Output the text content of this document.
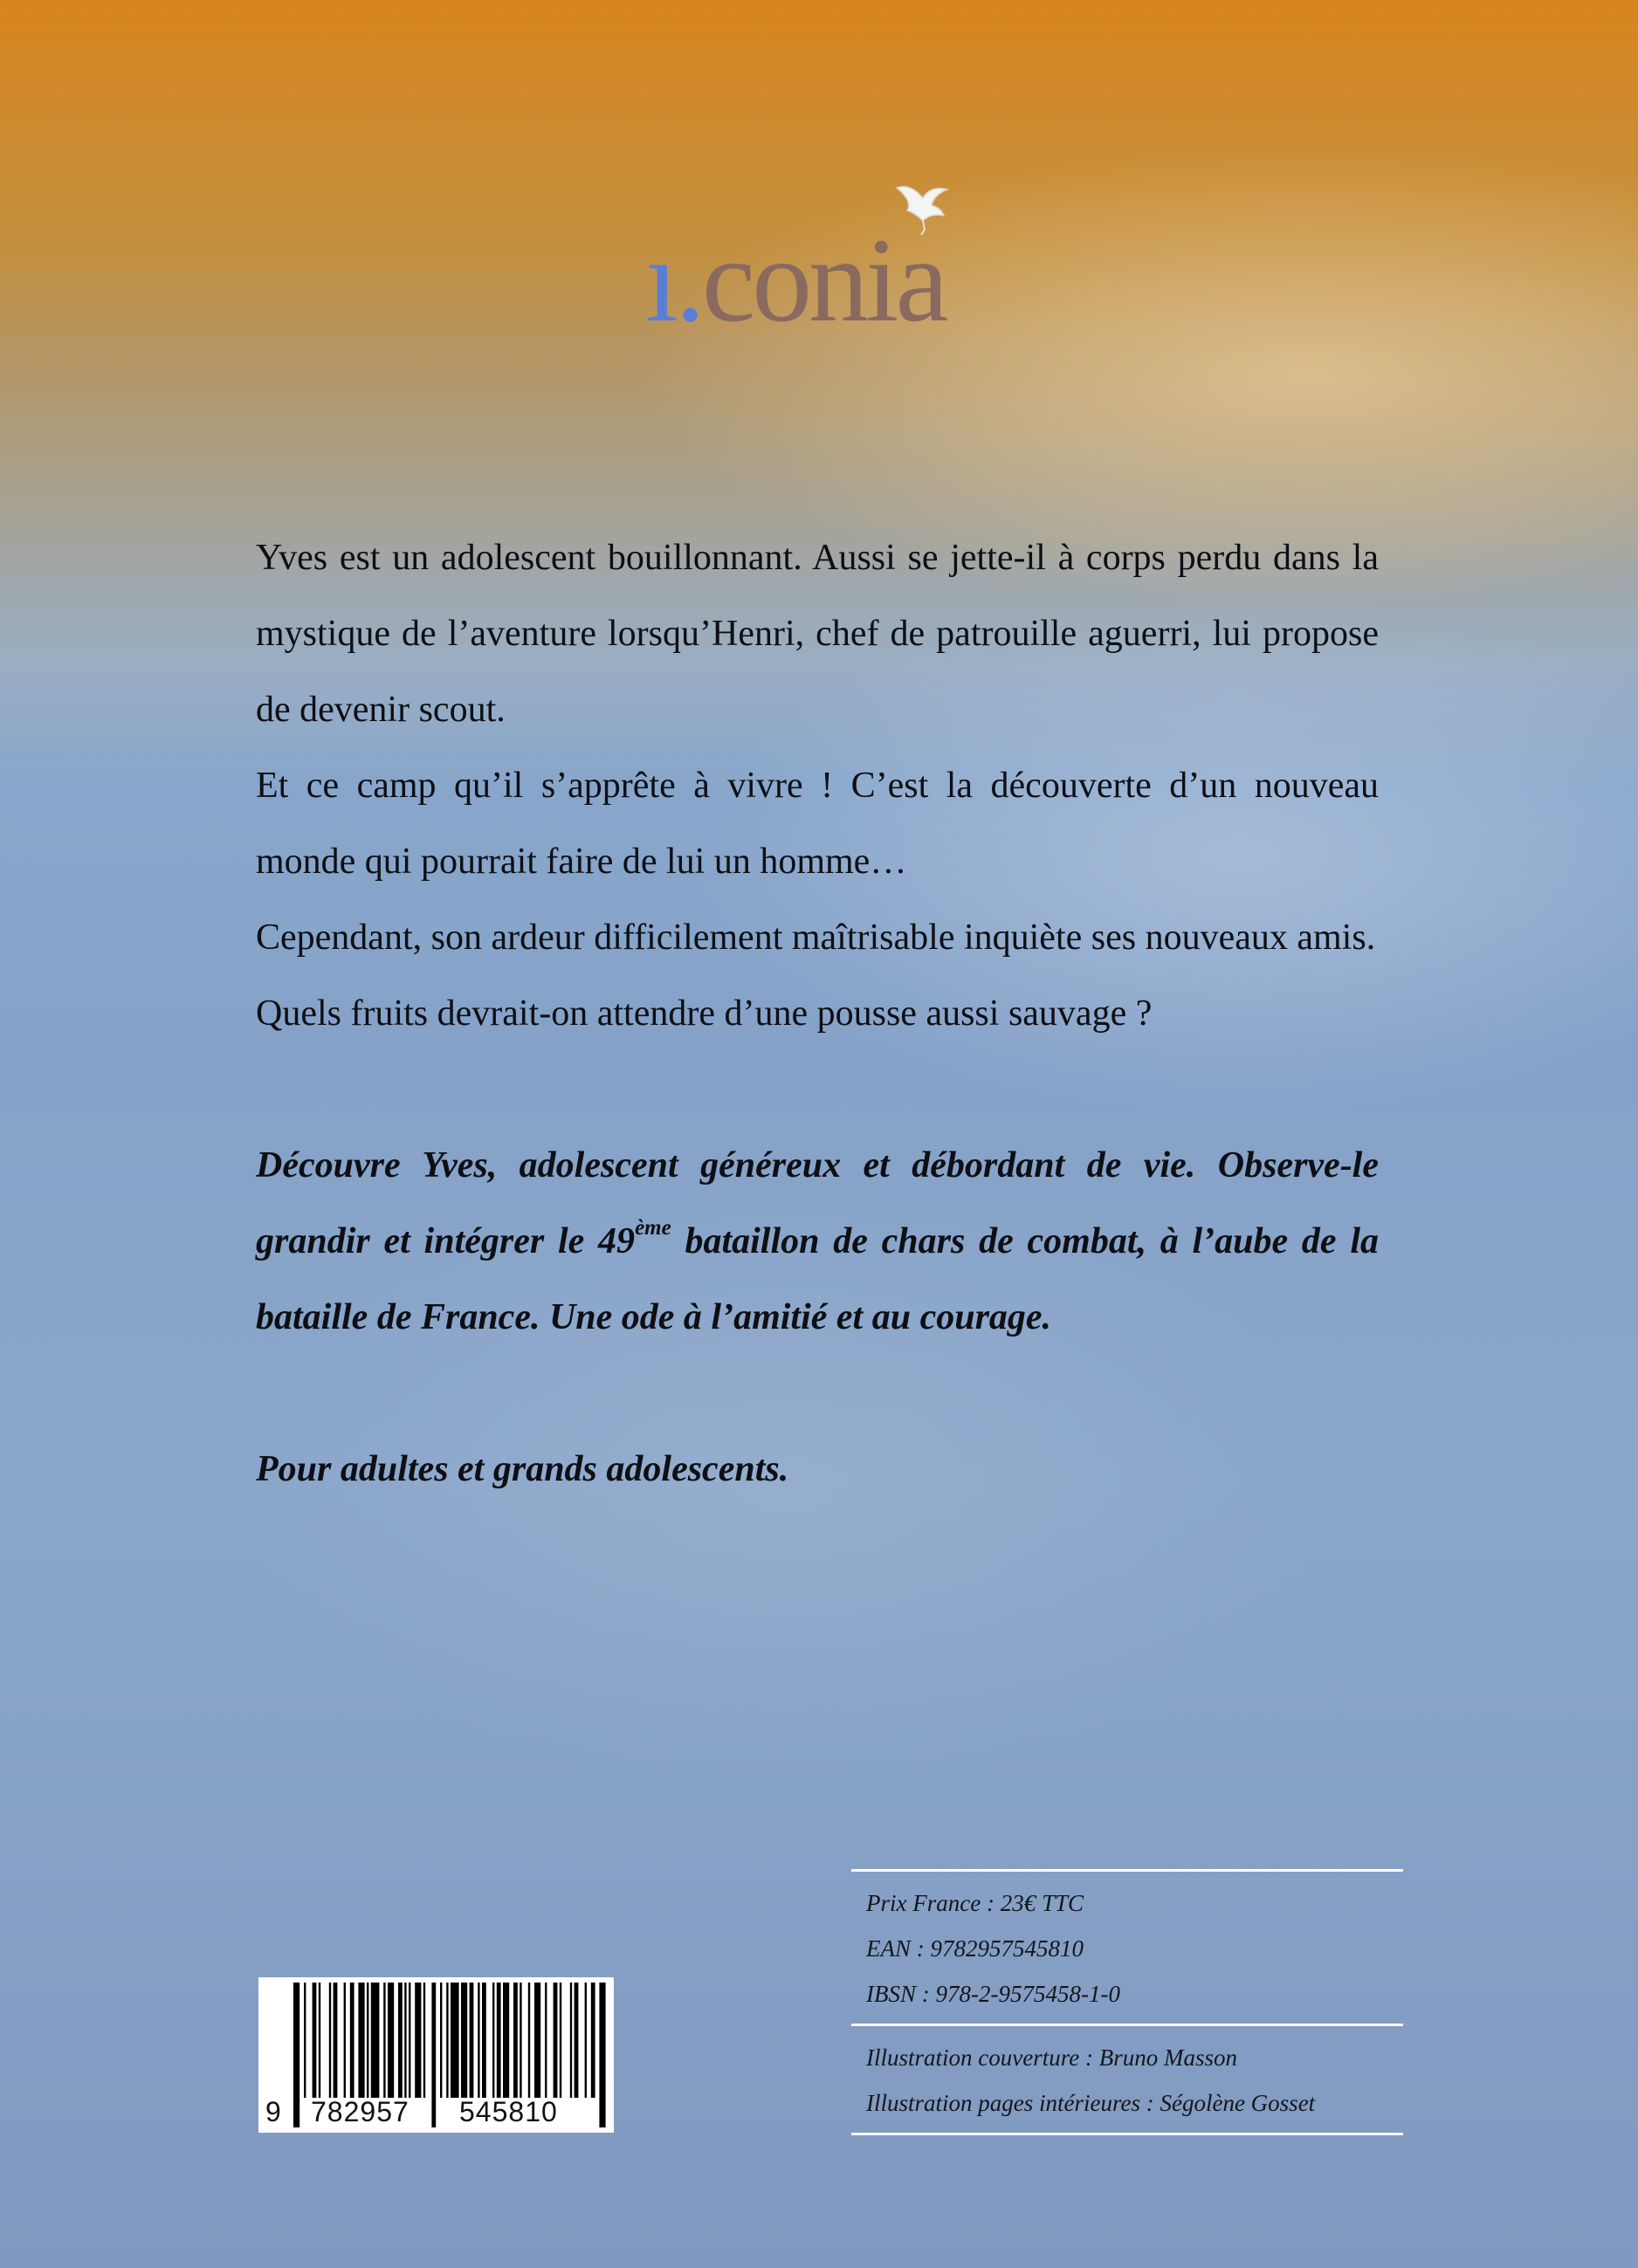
ı.conia

Yves est un adolescent bouillonnant. Aussi se jette-il à corps perdu dans la mystique de l’aventure lorsqu’Henri, chef de patrouille aguerri, lui propose de devenir scout.

Et ce camp qu’il s’apprête à vivre ! C’est la découverte d’un nouveau monde qui pourrait faire de lui un homme…

Cependant, son ardeur difficilement maîtrisable inquiète ses nouveaux amis.

Quels fruits devrait-on attendre d’une pousse aussi sauvage ?

Découvre Yves, adolescent généreux et débordant de vie. Observe-le grandir et intégrer le 49ème bataillon de chars de combat, à l’aube de la bataille de France. Une ode à l’amitié et au courage.

Pour adultes et grands adolescents.

Prix France : 23€ TTC
EAN : 9782957545810
IBSN : 978-2-9575458-1-0
Illustration couverture : Bruno Masson
Illustration pages intérieures : Ségolène Gosset
9 782957 545810
